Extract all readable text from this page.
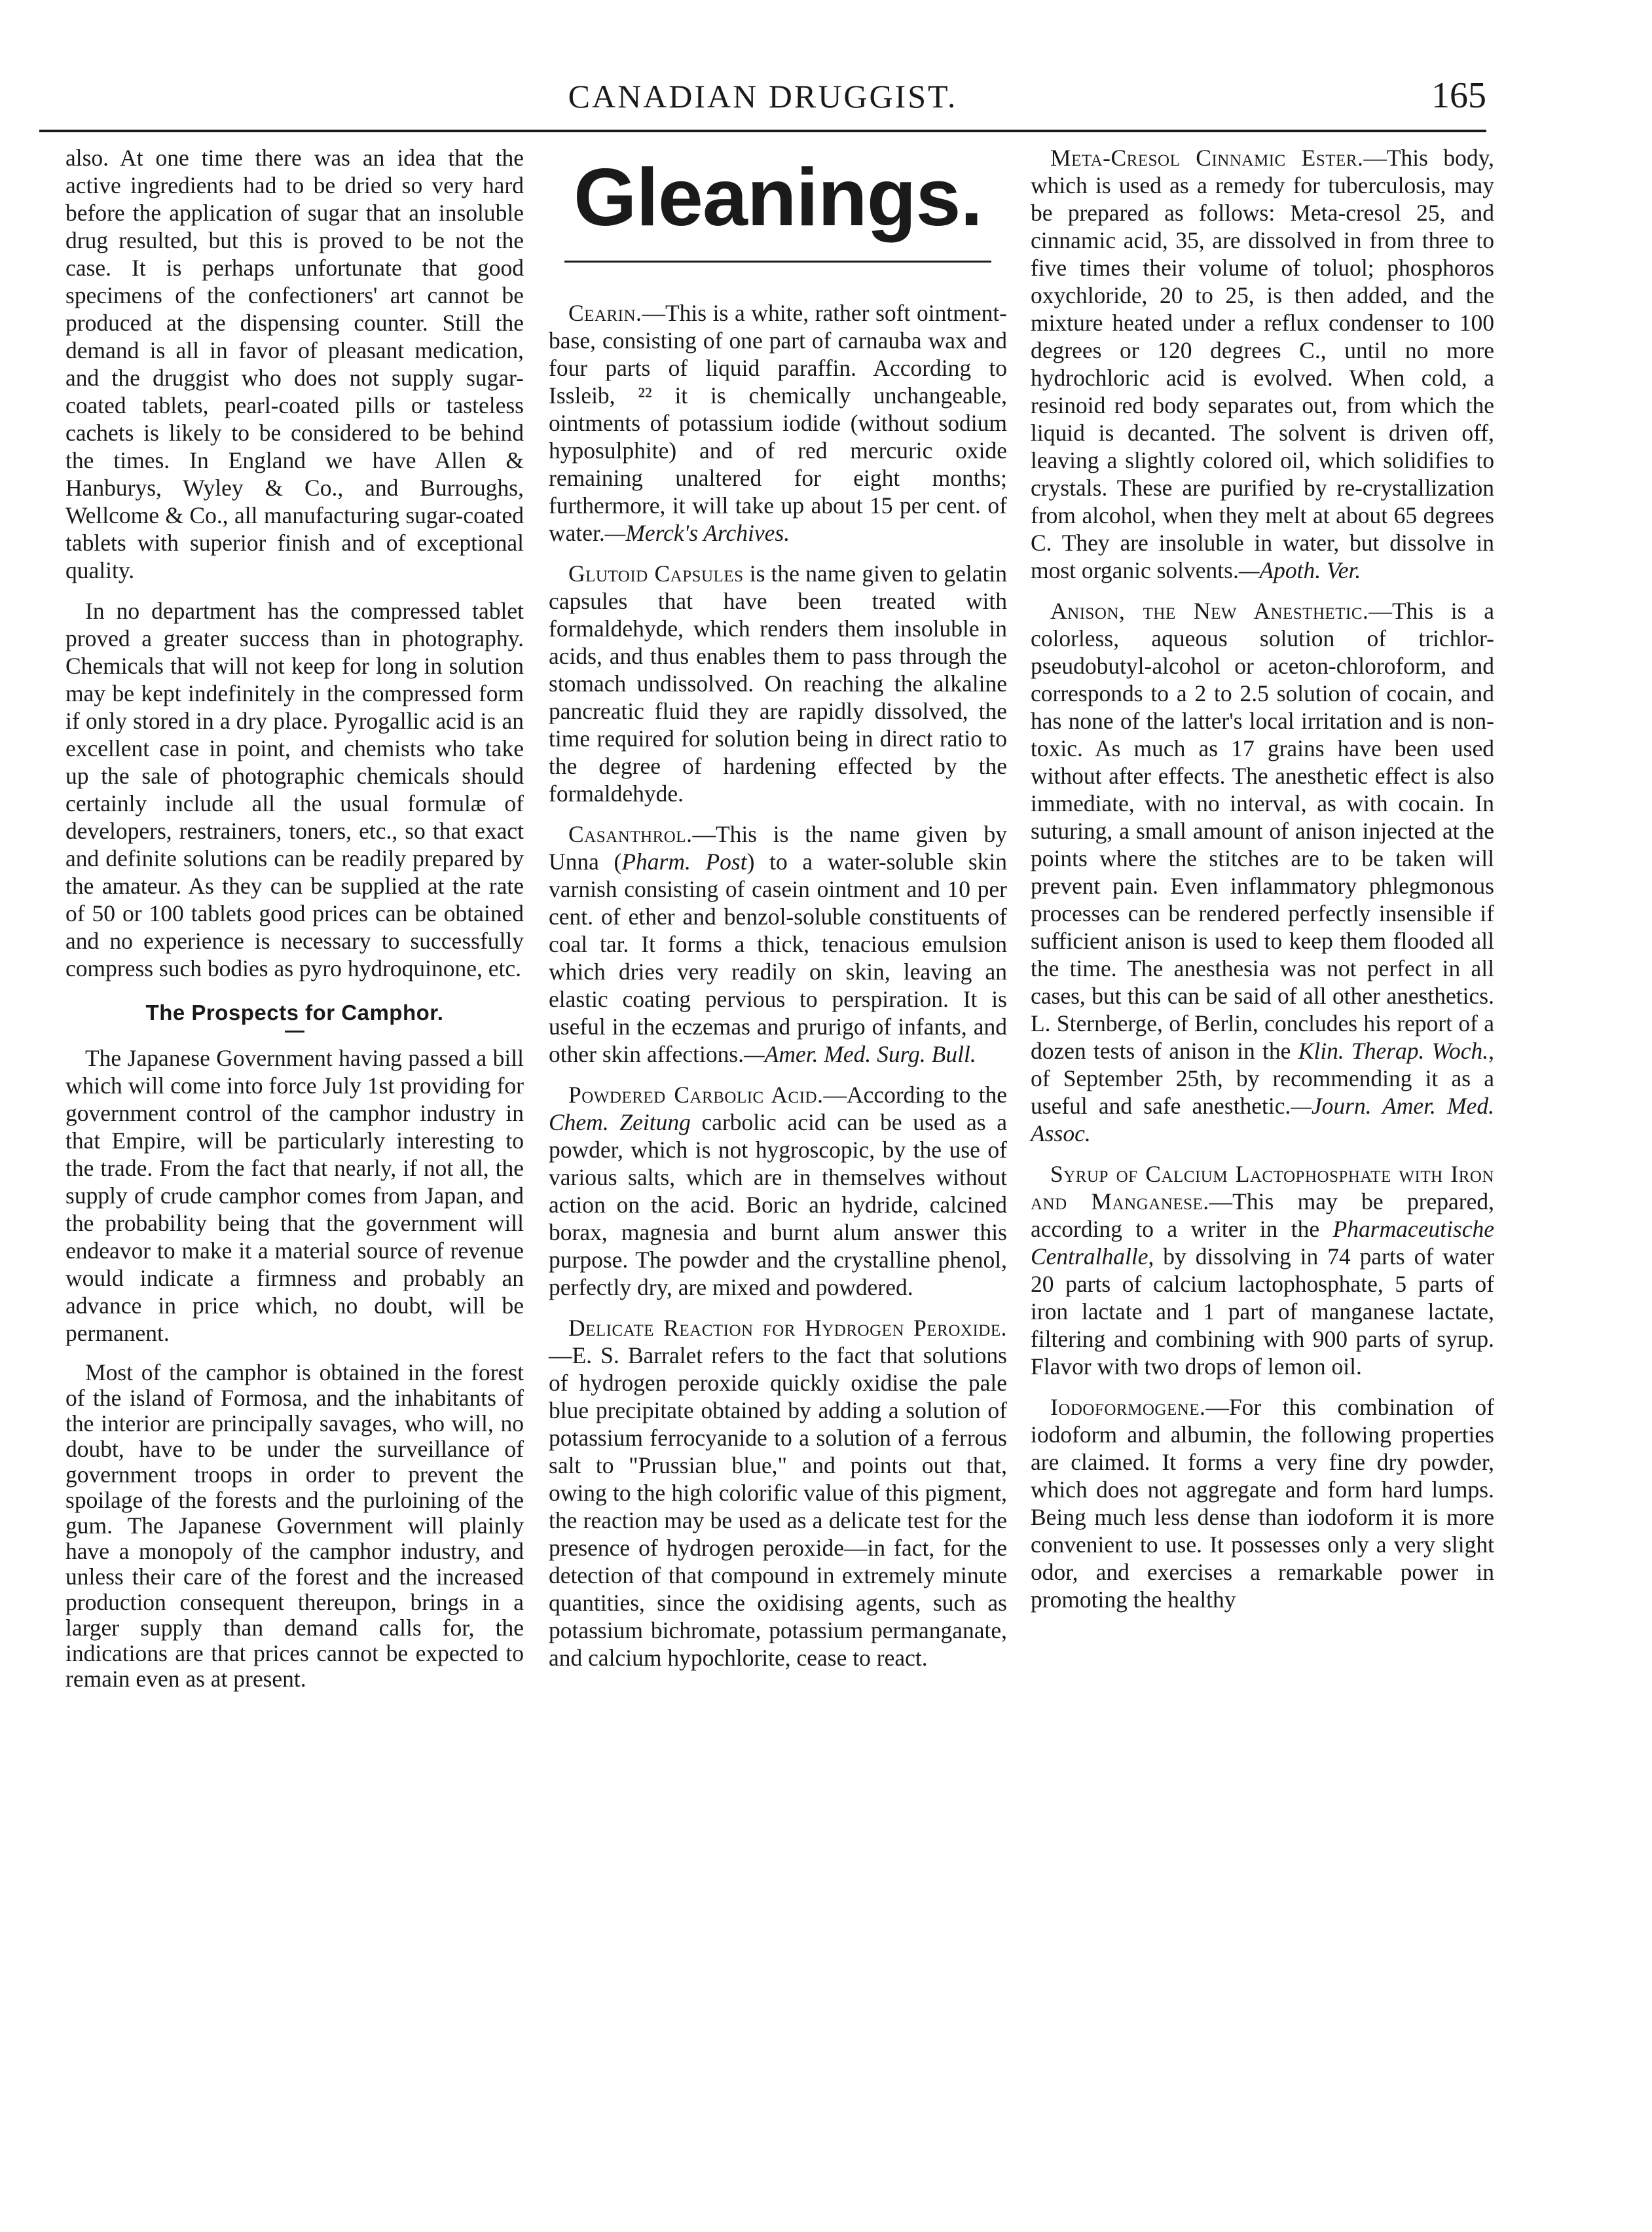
CANADIAN DRUGGIST.	165

also. At one time there was an idea that the active ingredients had to be dried so very hard before the application of sugar that an insoluble drug resulted, but this is proved to be not the case. It is perhaps unfortunate that good specimens of the confectioners' art cannot be produced at the dispensing counter. Still the demand is all in favor of pleasant medication, and the druggist who does not supply sugar-coated tablets, pearl-coated pills or tasteless cachets is likely to be considered to be behind the times. In England we have Allen & Hanburys, Wyley & Co., and Burroughs, Wellcome & Co., all manufacturing sugar-coated tablets with superior finish and of exceptional quality.

In no department has the compressed tablet proved a greater success than in photography. Chemicals that will not keep for long in solution may be kept indefinitely in the compressed form if only stored in a dry place. Pyrogallic acid is an excellent case in point, and chemists who take up the sale of photographic chemicals should certainly include all the usual formulæ of developers, restrainers, toners, etc., so that exact and definite solutions can be readily prepared by the amateur. As they can be supplied at the rate of 50 or 100 tablets good prices can be obtained and no experience is necessary to successfully compress such bodies as pyro hydroquinone, etc.

The Prospects for Camphor.

The Japanese Government having passed a bill which will come into force July 1st providing for government control of the camphor industry in that Empire, will be particularly interesting to the trade. From the fact that nearly, if not all, the supply of crude camphor comes from Japan, and the probability being that the government will endeavor to make it a material source of revenue would indicate a firmness and probably an advance in price which, no doubt, will be permanent.

Most of the camphor is obtained in the forest of the island of Formosa, and the inhabitants of the interior are principally savages, who will, no doubt, have to be under the surveillance of government troops in order to prevent the spoilage of the forests and the purloining of the gum. The Japanese Government will plainly have a monopoly of the camphor industry, and unless their care of the forest and the increased production consequent thereupon, brings in a larger supply than demand calls for, the indications are that prices cannot be expected to remain even as at present.

Gleanings.

Cearin.—This is a white, rather soft ointment-base, consisting of one part of carnauba wax and four parts of liquid paraffin. According to Issleib, ²² it is chemically unchangeable, ointments of potassium iodide (without sodium hyposulphite) and of red mercuric oxide remaining unaltered for eight months; furthermore, it will take up about 15 per cent. of water.—Merck's Archives.

Glutoid Capsules is the name given to gelatin capsules that have been treated with formaldehyde, which renders them insoluble in acids, and thus enables them to pass through the stomach undissolved. On reaching the alkaline pancreatic fluid they are rapidly dissolved, the time required for solution being in direct ratio to the degree of hardening effected by the formaldehyde.

Casanthrol.—This is the name given by Unna (Pharm. Post) to a water-soluble skin varnish consisting of casein ointment and 10 per cent. of ether and benzol-soluble constituents of coal tar. It forms a thick, tenacious emulsion which dries very readily on skin, leaving an elastic coating pervious to perspiration. It is useful in the eczemas and prurigo of infants, and other skin affections.—Amer. Med. Surg. Bull.

Powdered Carbolic Acid.—According to the Chem. Zeitung carbolic acid can be used as a powder, which is not hygroscopic, by the use of various salts, which are in themselves without action on the acid. Boric an hydride, calcined borax, magnesia and burnt alum answer this purpose. The powder and the crystalline phenol, perfectly dry, are mixed and powdered.

Delicate Reaction for Hydrogen Peroxide.—E. S. Barralet refers to the fact that solutions of hydrogen peroxide quickly oxidise the pale blue precipitate obtained by adding a solution of potassium ferrocyanide to a solution of a ferrous salt to "Prussian blue," and points out that, owing to the high colorific value of this pigment, the reaction may be used as a delicate test for the presence of hydrogen peroxide—in fact, for the detection of that compound in extremely minute quantities, since the oxidising agents, such as potassium bichromate, potassium permanganate, and calcium hypochlorite, cease to react.

Meta-Cresol Cinnamic Ester.—This body, which is used as a remedy for tuberculosis, may be prepared as follows: Meta-cresol 25, and cinnamic acid, 35, are dissolved in from three to five times their volume of toluol; phosphoros oxychloride, 20 to 25, is then added, and the mixture heated under a reflux condenser to 100 degrees or 120 degrees C., until no more hydrochloric acid is evolved. When cold, a resinoid red body separates out, from which the liquid is decanted. The solvent is driven off, leaving a slightly colored oil, which solidifies to crystals. These are purified by re-crystallization from alcohol, when they melt at about 65 degrees C. They are insoluble in water, but dissolve in most organic solvents.—Apoth. Ver.

Anison, the New Anesthetic.—This is a colorless, aqueous solution of trichlor-pseudobutyl-alcohol or aceton-chloroform, and corresponds to a 2 to 2.5 solution of cocain, and has none of the latter's local irritation and is non-toxic. As much as 17 grains have been used without after effects. The anesthetic effect is also immediate, with no interval, as with cocain. In suturing, a small amount of anison injected at the points where the stitches are to be taken will prevent pain. Even inflammatory phlegmonous processes can be rendered perfectly insensible if sufficient anison is used to keep them flooded all the time. The anesthesia was not perfect in all cases, but this can be said of all other anesthetics. L. Sternberge, of Berlin, concludes his report of a dozen tests of anison in the Klin. Therap. Woch., of September 25th, by recommending it as a useful and safe anesthetic.—Journ. Amer. Med. Assoc.

Syrup of Calcium Lactophosphate with Iron and Manganese.—This may be prepared, according to a writer in the Pharmaceutische Centralhalle, by dissolving in 74 parts of water 20 parts of calcium lactophosphate, 5 parts of iron lactate and 1 part of manganese lactate, filtering and combining with 900 parts of syrup. Flavor with two drops of lemon oil.

Iodoformogene.—For this combination of iodoform and albumin, the following properties are claimed. It forms a very fine dry powder, which does not aggregate and form hard lumps. Being much less dense than iodoform it is more convenient to use. It possesses only a very slight odor, and exercises a remarkable power in promoting the healthy
